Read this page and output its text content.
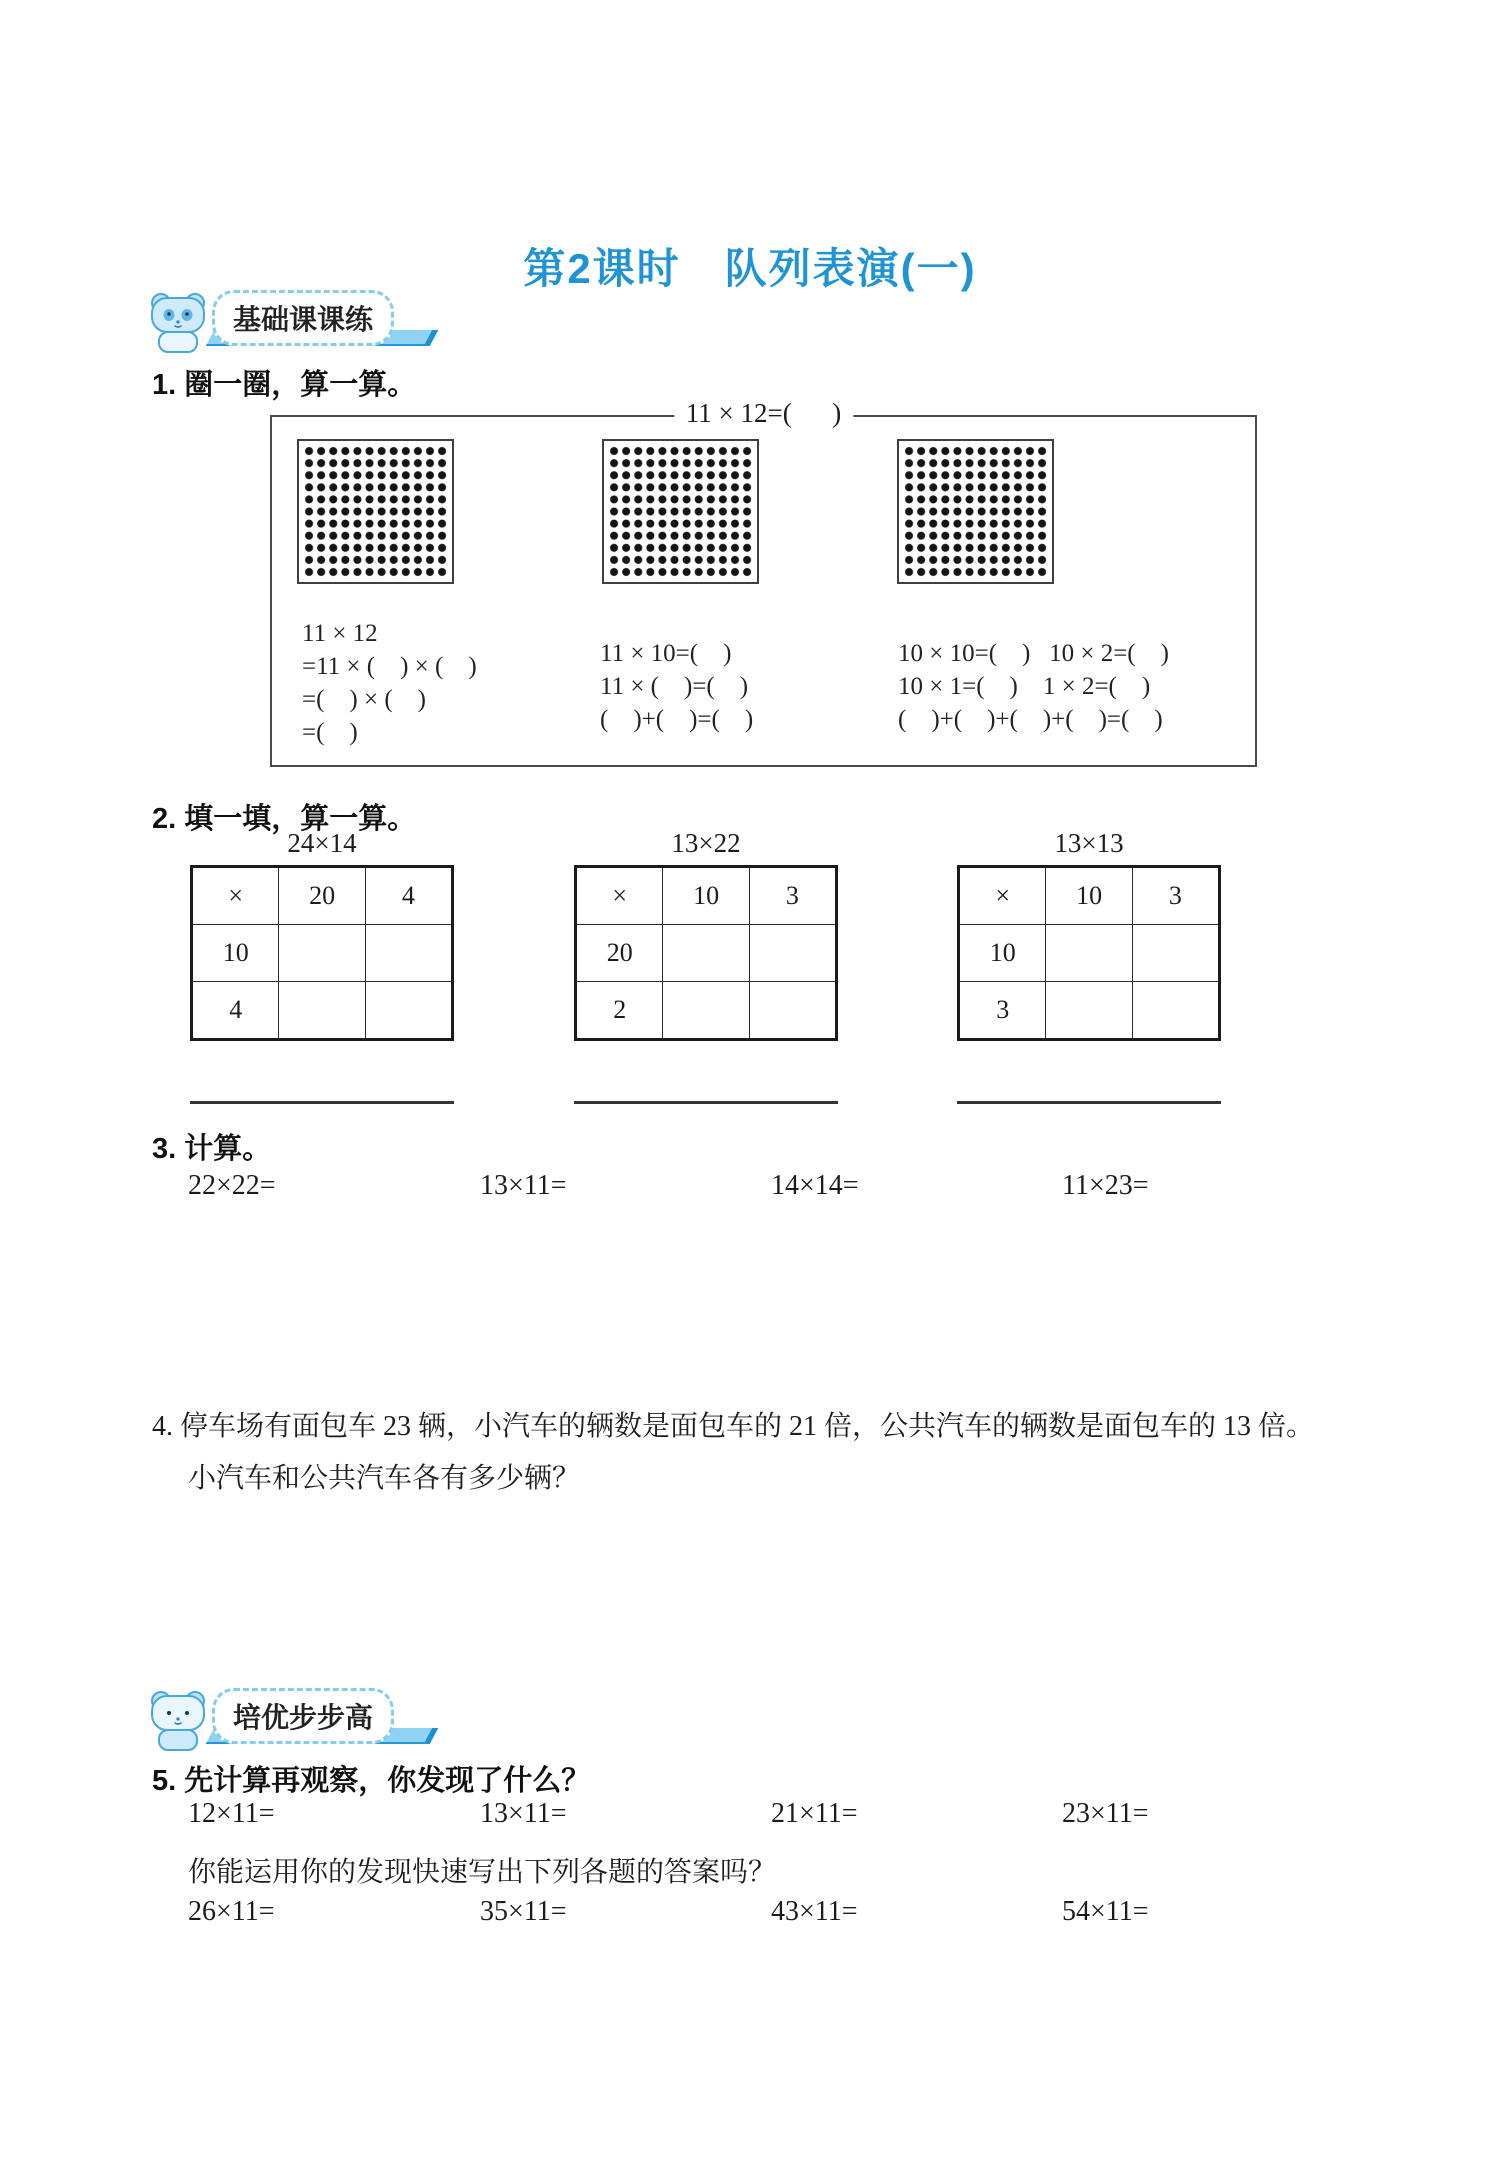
第2课时　队列表演(一)
基础课课练
1. 圈一圈，算一算。
11 × 12=(      )
11 × 12
=11 × (    ) × (    )
=(    ) × (    )
=(    )
11 × 10=(    )
11 × (    )=(    )
(    )+(    )=(    )
10 × 10=(    )   10 × 2=(    )
10 × 1=(    )    1 × 2=(    )
(    )+(    )+(    )+(    )=(    )
2. 填一填，算一算。
24×14
×	20	4
10		
4		
13×22
×	10	3
20		
2		
13×13
×	10	3
10		
3		
3. 计算。
22×22=	13×11=	14×14=	11×23=
4. 停车场有面包车 23 辆，小汽车的辆数是面包车的 21 倍，公共汽车的辆数是面包车的 13 倍。
小汽车和公共汽车各有多少辆？
培优步步高
5. 先计算再观察，你发现了什么？
12×11=	13×11=	21×11=	23×11=
你能运用你的发现快速写出下列各题的答案吗？
26×11=	35×11=	43×11=	54×11=
